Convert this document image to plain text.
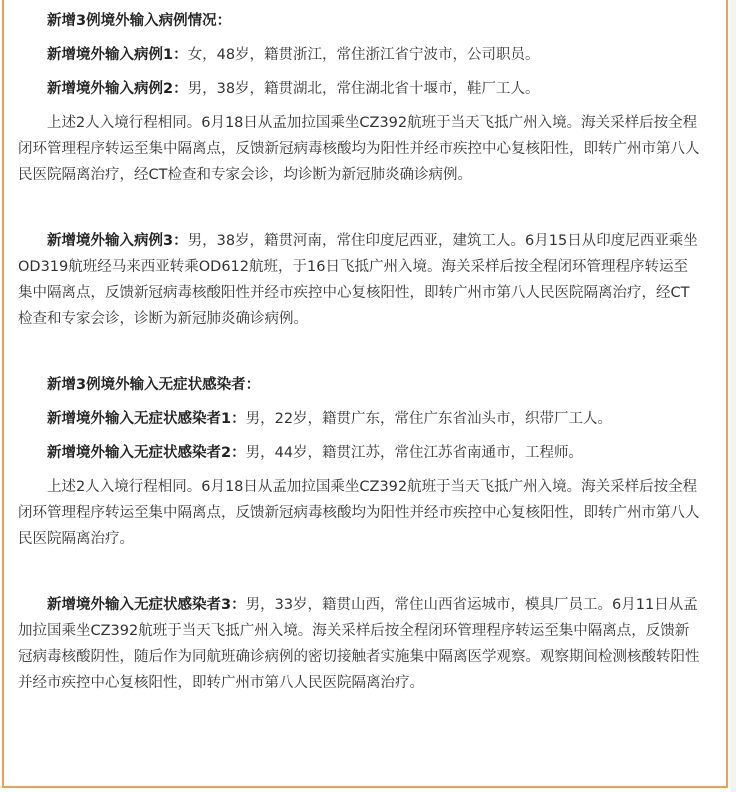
新增3例境外输入病例情况：

新增境外输入病例1：女，48岁，籍贯浙江，常住浙江省宁波市，公司职员。

新增境外输入病例2：男，38岁，籍贯湖北，常住湖北省十堰市，鞋厂工人。

上述2人入境行程相同。6月18日从孟加拉国乘坐CZ392航班于当天飞抵广州入境。海关采样后按全程闭环管理程序转运至集中隔离点，反馈新冠病毒核酸均为阳性并经市疾控中心复核阳性，即转广州市第八人民医院隔离治疗，经CT检查和专家会诊，均诊断为新冠肺炎确诊病例。

新增境外输入病例3：男，38岁，籍贯河南，常住印度尼西亚，建筑工人。6月15日从印度尼西亚乘坐OD319航班经马来西亚转乘OD612航班，于16日飞抵广州入境。海关采样后按全程闭环管理程序转运至集中隔离点，反馈新冠病毒核酸阳性并经市疾控中心复核阳性，即转广州市第八人民医院隔离治疗，经CT检查和专家会诊，诊断为新冠肺炎确诊病例。

新增3例境外输入无症状感染者：

新增境外输入无症状感染者1：男，22岁，籍贯广东，常住广东省汕头市，织带厂工人。

新增境外输入无症状感染者2：男，44岁，籍贯江苏，常住江苏省南通市，工程师。

上述2人入境行程相同。6月18日从孟加拉国乘坐CZ392航班于当天飞抵广州入境。海关采样后按全程闭环管理程序转运至集中隔离点，反馈新冠病毒核酸均为阳性并经市疾控中心复核阳性，即转广州市第八人民医院隔离治疗。

新增境外输入无症状感染者3：男，33岁，籍贯山西，常住山西省运城市，模具厂员工。6月11日从孟加拉国乘坐CZ392航班于当天飞抵广州入境。海关采样后按全程闭环管理程序转运至集中隔离点，反馈新冠病毒核酸阴性，随后作为同航班确诊病例的密切接触者实施集中隔离医学观察。观察期间检测核酸转阳性并经市疾控中心复核阳性，即转广州市第八人民医院隔离治疗。
